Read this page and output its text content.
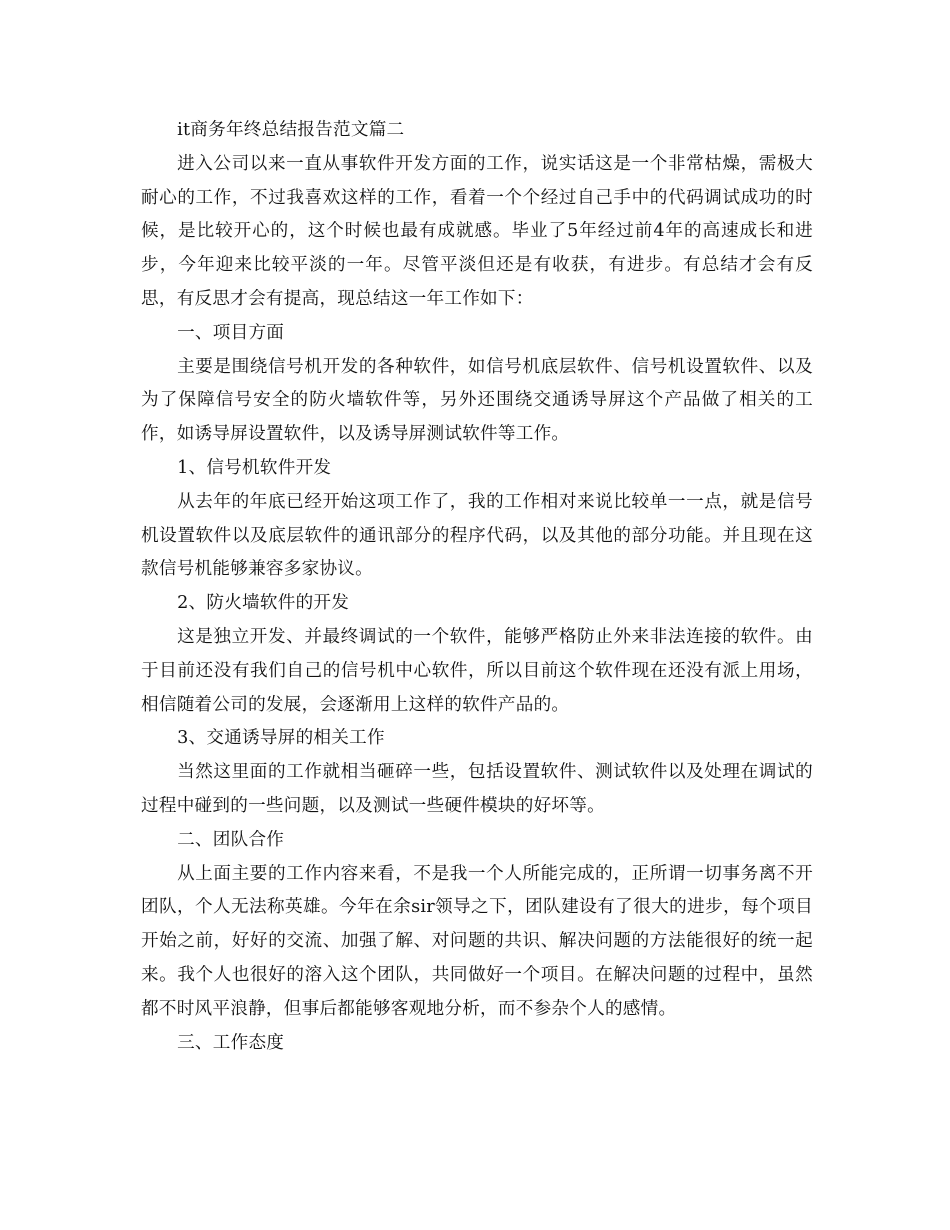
it商务年终总结报告范文篇二

进入公司以来一直从事软件开发方面的工作，说实话这是一个非常枯燥，需极大耐心的工作，不过我喜欢这样的工作，看着一个个经过自己手中的代码调试成功的时候，是比较开心的，这个时候也最有成就感。毕业了5年经过前4年的高速成长和进步，今年迎来比较平淡的一年。尽管平淡但还是有收获，有进步。有总结才会有反思，有反思才会有提高，现总结这一年工作如下：

一、项目方面

主要是围绕信号机开发的各种软件，如信号机底层软件、信号机设置软件、以及为了保障信号安全的防火墙软件等，另外还围绕交通诱导屏这个产品做了相关的工作，如诱导屏设置软件，以及诱导屏测试软件等工作。

1、信号机软件开发

从去年的年底已经开始这项工作了，我的工作相对来说比较单一一点，就是信号机设置软件以及底层软件的通讯部分的程序代码，以及其他的部分功能。并且现在这款信号机能够兼容多家协议。

2、防火墙软件的开发

这是独立开发、并最终调试的一个软件，能够严格防止外来非法连接的软件。由于目前还没有我们自己的信号机中心软件，所以目前这个软件现在还没有派上用场，相信随着公司的发展，会逐渐用上这样的软件产品的。

3、交通诱导屏的相关工作

当然这里面的工作就相当砸碎一些，包括设置软件、测试软件以及处理在调试的过程中碰到的一些问题，以及测试一些硬件模块的好坏等。

二、团队合作

从上面主要的工作内容来看，不是我一个人所能完成的，正所谓一切事务离不开团队，个人无法称英雄。今年在余sir领导之下，团队建设有了很大的进步，每个项目开始之前，好好的交流、加强了解、对问题的共识、解决问题的方法能很好的统一起来。我个人也很好的溶入这个团队，共同做好一个项目。在解决问题的过程中，虽然都不时风平浪静，但事后都能够客观地分析，而不参杂个人的感情。

三、工作态度
